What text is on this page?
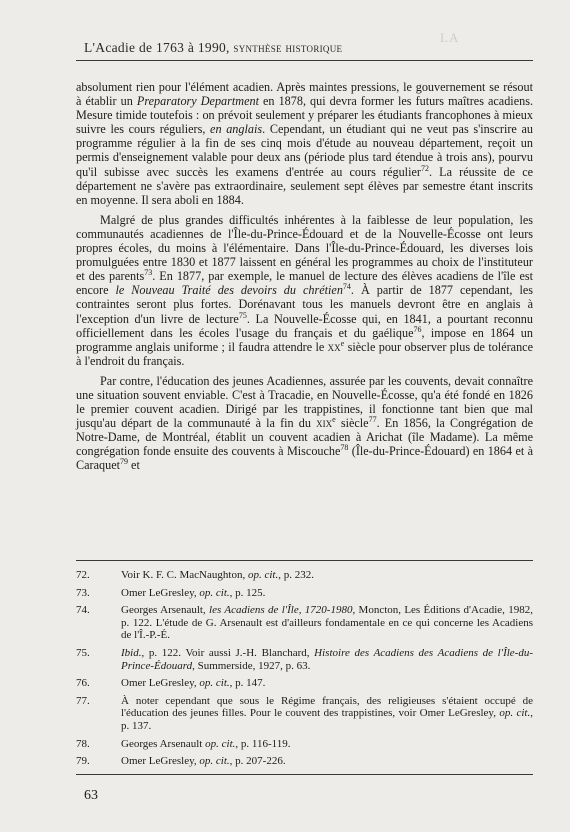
LA
L'Acadie de 1763 à 1990, synthèse historique

absolument rien pour l'élément acadien. Après maintes pressions, le gouvernement se résout à établir un Preparatory Department en 1878, qui devra former les futurs maîtres acadiens. Mesure timide toutefois : on prévoit seulement y préparer les étudiants francophones à mieux suivre les cours réguliers, en anglais. Cependant, un étudiant qui ne veut pas s'inscrire au programme régulier à la fin de ses cinq mois d'étude au nouveau département, reçoit un permis d'enseignement valable pour deux ans (période plus tard étendue à trois ans), pourvu qu'il subisse avec succès les examens d'entrée au cours régulier$^{72}$. La réussite de ce département ne s'avère pas extraordinaire, seulement sept élèves par semestre étant inscrits en moyenne. Il sera aboli en 1884.

Malgré de plus grandes difficultés inhérentes à la faiblesse de leur population, les communautés acadiennes de l'Île-du-Prince-Édouard et de la Nouvelle-Écosse ont leurs propres écoles, du moins à l'élémentaire. Dans l'Île-du-Prince-Édouard, les diverses lois promulguées entre 1830 et 1877 laissent en général les programmes au choix de l'instituteur et des parents$^{73}$. En 1877, par exemple, le manuel de lecture des élèves acadiens de l'île est encore le Nouveau Traité des devoirs du chrétien$^{74}$. À partir de 1877 cependant, les contraintes seront plus fortes. Dorénavant tous les manuels devront être en anglais à l'exception d'un livre de lecture$^{75}$. La Nouvelle-Écosse qui, en 1841, a pourtant reconnu officiellement dans les écoles l'usage du français et du gaélique$^{76}$, impose en 1864 un programme anglais uniforme ; il faudra attendre le $xx^e$ siècle pour observer plus de tolérance à l'endroit du français.

Par contre, l'éducation des jeunes Acadiennes, assurée par les couvents, devait connaître une situation souvent enviable. C'est à Tracadie, en Nouvelle-Écosse, qu'a été fondé en 1826 le premier couvent acadien. Dirigé par les trappistines, il fonctionne tant bien que mal jusqu'au départ de la communauté à la fin du xix$^e$ siècle$^{77}$. En 1856, la Congrégation de Notre-Dame, de Montréal, établit un couvent acadien à Arichat (île Madame). La même congrégation fonde ensuite des couvents à Miscouche$^{78}$ (Île-du-Prince-Édouard) en 1864 et à Caraquet$^{79}$ et

72.	Voir K. F. C. MacNaughton, op. cit., p. 232.
73.	Omer LeGresley, op. cit., p. 125.
74.	Georges Arsenault, les Acadiens de l'Île, 1720-1980, Moncton, Les Éditions d'Acadie, 1982, p. 122. L'étude de G. Arsenault est d'ailleurs fondamentale en ce qui concerne les Acadiens de l'Î.-P.-É.
75.	Ibid., p. 122. Voir aussi J.-H. Blanchard, Histoire des Acadiens des Acadiens de l'Île-du-Prince-Édouard, Summerside, 1927, p. 63.
76.	Omer LeGresley, op. cit., p. 147.
77.	À noter cependant que sous le Régime français, des religieuses s'étaient occupé de l'éducation des jeunes filles. Pour le couvent des trappistines, voir Omer LeGresley, op. cit., p. 137.
78.	Georges Arsenault op. cit., p. 116-119.
79.	Omer LeGresley, op. cit., p. 207-226.
63
